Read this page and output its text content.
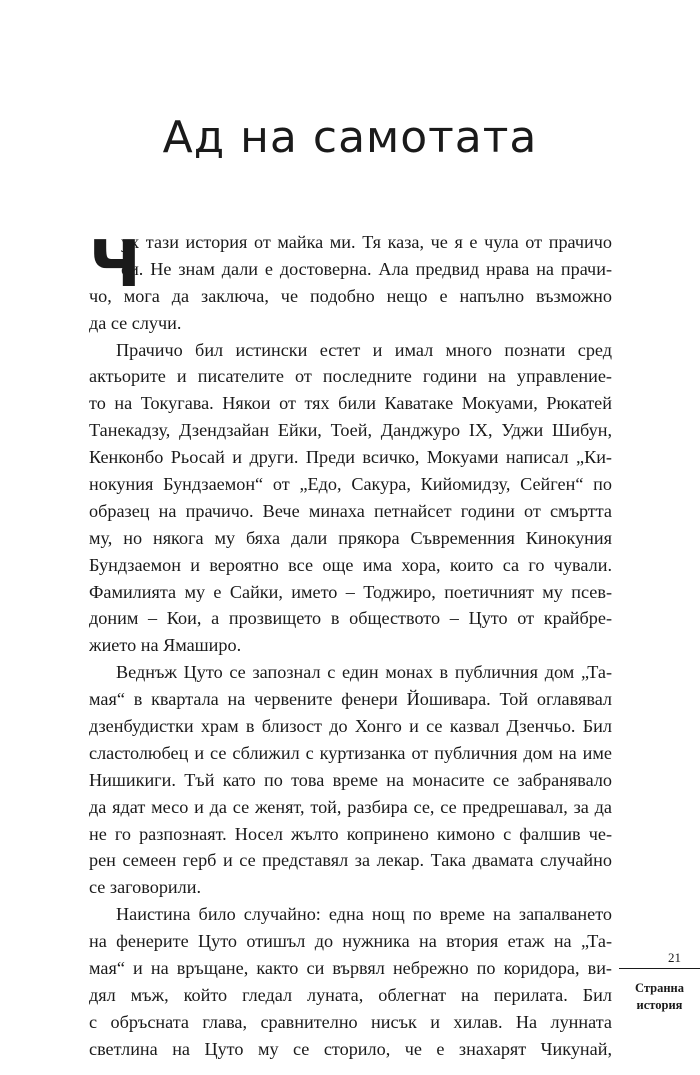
Ад на самотата
Ч
ух тази история от майка ми. Тя каза, че я е чула от прачичо
си. Не знам дали е достоверна. Ала предвид нрава на прачи-
чо, мога да заключа, че подобно нещо е напълно възможно
да се случи.
Прачичо бил истински естет и имал много познати сред
актьорите и писателите от последните години на управление-
то на Токугава. Някои от тях били Каватаке Мокуами, Рюкатей
Танекадзу, Дзендзайан Ейки, Тоей, Данджуро IX, Уджи Шибун,
Кенконбо Рьосай и други. Преди всичко, Мокуами написал „Ки-
нокуния Бундзаемон“ от „Едо, Сакура, Кийомидзу, Сейген“ по
образец на прачичо. Вече минаха петнайсет години от смъртта
му, но някога му бяха дали прякора Съвременния Кинокуния
Бундзаемон и вероятно все още има хора, които са го чували.
Фамилията му е Сайки, името – Тоджиро, поетичният му псев-
доним – Кои, а прозвището в обществото – Цуто от крайбре-
жието на Ямаширо.
Веднъж Цуто се запознал с един монах в публичния дом „Та-
мая“ в квартала на червените фенери Йошивара. Той оглавявал
дзенбудистки храм в близост до Хонго и се казвал Дзенчьо. Бил
сластолюбец и се сближил с куртизанка от публичния дом на име
Нишикиги. Тъй като по това време на монасите се забранявало
да ядат месо и да се женят, той, разбира се, се предрешавал, за да
не го разпознаят. Носел жълто копринено кимоно с фалшив че-
рен семеен герб и се представял за лекар. Така двамата случайно
се заговорили.
Наистина било случайно: една нощ по време на запалването
на фенерите Цуто отишъл до нужника на втория етаж на „Та-
мая“ и на връщане, както си вървял небрежно по коридора, ви-
дял мъж, който гледал луната, облегнат на перилата. Бил
с обръсната глава, сравнително нисък и хилав. На лунната
светлина на Цуто му се сторило, че е знахарят Чикунай,
21
Странна история
